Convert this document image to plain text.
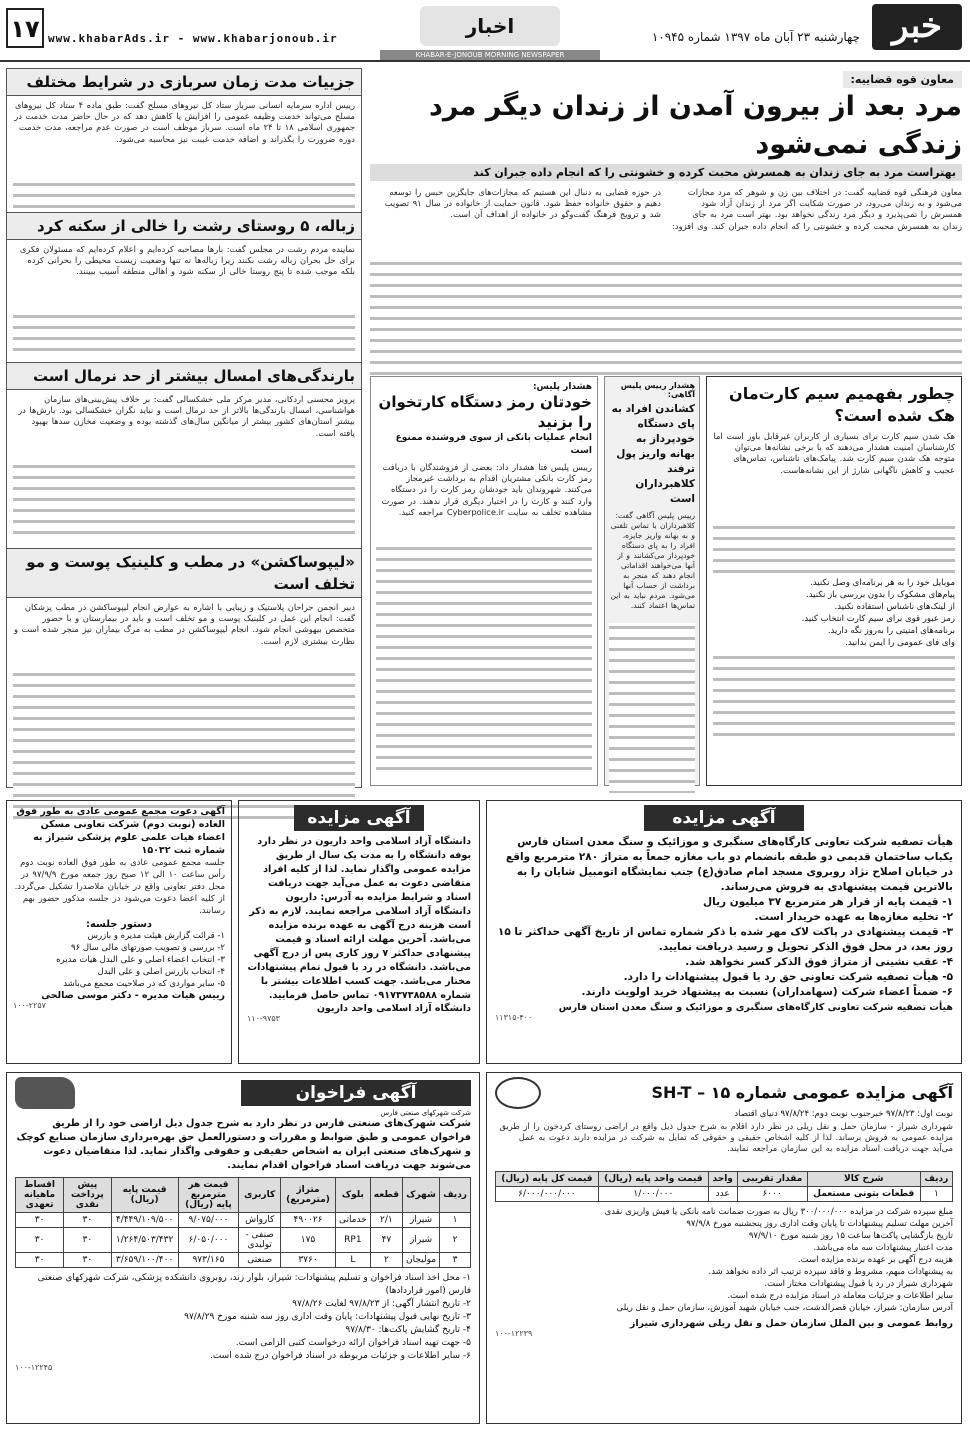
خبر
۱۷ www.khabarAds.ir - www.khabarjonoub.ir
اخبار	چهارشنبه ۲۳ آبان ماه ۱۳۹۷ شماره ۱۰۹۴۵
KHABAR-E-JONOUB MORNING NEWSPAPER
معاون قوه قضاییه:
مرد بعد از بیرون آمدن از زندان دیگر مرد زندگی نمی‌شود
بهتراست مرد به جای زندان به همسرش محبت کرده و خشونتی را که انجام داده جبران کند
معاون فرهنگی قوه قضاییه گفت: در اختلاف بین زن و شوهر که مرد مجازات می‌شود و به زندان می‌رود، در صورت شکایت اگر مرد از زندان آزاد شود همسرش را نمی‌پذیرد و دیگر مرد زندگی نخواهد بود. بهتر است مرد به جای زندان به همسرش محبت کرده و خشونتی را که انجام داده جبران کند. وی افزود: در حوزه قضایی به دنبال این هستیم که مجازات‌های جایگزین حبس را توسعه دهیم و حقوق خانواده حفظ شود. قانون حمایت از خانواده در سال ۹۱ تصویب شد و ترویج فرهنگ گفت‌وگو در خانواده از اهداف آن است.
جزییات مدت زمان سربازی در شرایط مختلف
رییس اداره سرمایه انسانی سرباز ستاد کل نیروهای مسلح گفت: طبق ماده ۴ ستاد کل نیروهای مسلح می‌تواند خدمت وظیفه عمومی را افزایش یا کاهش دهد که در حال حاضر مدت خدمت در جمهوری اسلامی ۱۸ تا ۲۴ ماه است. سرباز موظف است در صورت عدم مراجعه، مدت خدمت دوره ضرورت را بگذراند و اضافه خدمت غیبت نیز محاسبه می‌شود.
زباله، ۵ روستای رشت را خالی از سکنه کرد
نماینده مردم رشت در مجلس گفت: بارها مصاحبه کرده‌ایم و اعلام کرده‌ایم که مسئولان فکری برای حل بحران زباله رشت بکنند زیرا زباله‌ها نه تنها وضعیت زیست محیطی را بحرانی کرده بلکه موجب شده تا پنج روستا خالی از سکنه شود و اهالی منطقه آسیب ببینند.
بارندگی‌های امسال بیشتر از حد نرمال است
پرویز محسنی اردکانی، مدیر مرکز ملی خشکسالی گفت: بر خلاف پیش‌بینی‌های سازمان هواشناسی، امسال بارندگی‌ها بالاتر از حد نرمال است و نباید نگران خشکسالی بود. بارش‌ها در بیشتر استان‌های کشور بیشتر از میانگین سال‌های گذشته بوده و وضعیت مخازن سدها بهبود یافته است.
«لیپوساکشن» در مطب و کلینیک پوست و مو تخلف است
دبیر انجمن جراحان پلاستیک و زیبایی با اشاره به عوارض انجام لیپوساکشن در مطب پزشکان گفت: انجام این عمل در کلینیک پوست و مو تخلف است و باید در بیمارستان و با حضور متخصص بیهوشی انجام شود. انجام لیپوساکشن در مطب به مرگ بیماران نیز منجر شده است و نظارت بیشتری لازم است.
چطور بفهمیم سیم کارت‌مان هک شده است؟
هک شدن سیم کارت برای بسیاری از کاربران غیرقابل باور است اما کارشناسان امنیت هشدار می‌دهند که با برخی نشانه‌ها می‌توان متوجه هک شدن سیم کارت شد. پیامک‌های ناشناس، تماس‌های عجیب و کاهش ناگهانی شارژ از این نشانه‌هاست.
موبایل خود را به هر برنامه‌ای وصل نکنید.
پیام‌های مشکوک را بدون بررسی باز نکنید.
از لینک‌های ناشناس استفاده نکنید.
رمز عبور قوی برای سیم کارت انتخاب کنید.
برنامه‌های امنیتی را به‌روز نگه دارید.
وای فای عمومی را ایمن بدانید.
هشدار رییس پلیس آگاهی:
کشاندن افراد به پای دستگاه خودپرداز به بهانه واریز پول ترفند کلاهبرداران است
رییس پلیس آگاهی گفت: کلاهبرداران با تماس تلفنی و به بهانه واریز جایزه، افراد را به پای دستگاه خودپرداز می‌کشانند و از آنها می‌خواهند اقداماتی انجام دهند که منجر به برداشت از حساب آنها می‌شود. مردم نباید به این تماس‌ها اعتماد کنند.
هشدار پلیس:
خودتان رمز دستگاه کارتخوان را بزنید
انجام عملیات بانکی از سوی فروشنده ممنوع است
رییس پلیس فتا هشدار داد: بعضی از فروشندگان با دریافت رمز کارت بانکی مشتریان اقدام به برداشت غیرمجاز می‌کنند. شهروندان باید خودشان رمز کارت را در دستگاه وارد کنند و کارت را در اختیار دیگری قرار ندهند. در صورت مشاهده تخلف به سایت Cyberpolice.ir مراجعه کنید.
آگهی مزایده
هیأت تصفیه شرکت تعاونی کارگاه‌های سنگبری و موزائیک و سنگ معدن استان فارس یکباب ساختمان قدیمی دو طبقه بانضمام دو باب مغازه جمعاً به متراژ ۲۸۰ مترمربع واقع در خیابان اصلاح نژاد روبروی مسجد امام صادق(ع) جنب نمایشگاه اتومبیل شایان را به بالاترین قیمت پیشنهادی به فروش می‌رساند.
۱- قیمت پایه از قرار هر مترمربع ۳۷ میلیون ریال
۲- تخلیه مغازه‌ها به عهده خریدار است.
۳- قیمت پیشنهادی در پاکت لاک مهر شده با ذکر شماره تماس از تاریخ آگهی حداکثر تا ۱۵ روز بعد، در محل فوق الذکر تحویل و رسید دریافت نمایید.
۴- عقب نشینی از متراژ فوق الذکر کسر نخواهد شد.
۵- هیأت تصفیه شرکت تعاونی حق رد یا قبول پیشنهادات را دارد.
۶- ضمناً اعضاء شرکت (سهامداران) نسبت به پیشنهاد خرید اولویت دارند.
هیأت تصفیه شرکت تعاونی کارگاه‌های سنگبری و موزائیک و سنگ معدن استان فارس
۱۱۳۱۵-۴۰۰
آگهی مزایده
دانشگاه آزاد اسلامی واحد داریون در نظر دارد بوفه دانشگاه را به مدت یک سال از طریق مزایده عمومی واگذار نماید. لذا از کلیه افراد متقاضی دعوت به عمل می‌آید جهت دریافت اسناد و شرایط مزایده به آدرس: داریون دانشگاه آزاد اسلامی مراجعه نمایند. لازم به ذکر است هزینه درج آگهی به عهده برنده مزایده می‌باشد. آخرین مهلت ارائه اسناد و قیمت پیشنهادی حداکثر ۷ روز کاری پس از درج آگهی می‌باشد. دانشگاه در رد یا قبول تمام پیشنهادات مختار می‌باشد. جهت کسب اطلاعات بیشتر با شماره ۰۹۱۷۳۷۳۸۵۸۸ تماس حاصل فرمایید.
دانشگاه آزاد اسلامی واحد داریون
۱۱۰-۹۷۵۳
آگهی دعوت مجمع عمومی عادی به طور فوق العاده (نوبت دوم) شرکت تعاونی مسکن اعضاء هیات علمی علوم پزشکی شیراز به شماره ثبت ۱۵۰۳۲
جلسه مجمع عمومی عادی به طور فوق العاده نوبت دوم رأس ساعت ۱۰ الی ۱۲ صبح روز جمعه مورخ ۹۷/۹/۹ در محل دفتر تعاونی واقع در خیابان ملاصدرا تشکیل می‌گردد. از کلیه اعضا دعوت می‌شود در جلسه مذکور حضور بهم رسانند.
دستور جلسه:
۱- قرائت گزارش هیئت مدیره و بازرس
۲- بررسی و تصویب صورتهای مالی سال ۹۶
۳- انتخاب اعضاء اصلی و علی البدل هیات مدیره
۴- انتخاب بازرس اصلی و علی البدل
۵- سایر مواردی که در صلاحیت مجمع می‌باشد
رییس هیات مدیره - دکتر موسی صالحی
۱۰۰-۲۲۵۷
آگهی مزایده عمومی شماره ۱۵ – SH-T
نوبت اول: ۹۷/۸/۲۳ خبرجنوب نوبت دوم: ۹۷/۸/۲۴ دنیای اقتصاد
شهرداری شیراز - سازمان حمل و نقل ریلی در نظر دارد اقلام به شرح جدول ذیل واقع در اراضی روستای کردخون را از طریق مزایده عمومی به فروش برساند. لذا از کلیه اشخاص حقیقی و حقوقی که تمایل به شرکت در مزایده دارند دعوت به عمل می‌آید جهت دریافت اسناد مزایده به این سازمان مراجعه نمایند.
ردیف	شرح کالا	مقدار تقریبی	واحد	قیمت واحد پایه (ریال)	قیمت کل پایه (ریال)
۱	قطعات بتونی مستعمل	۶۰۰۰	عدد	۱/۰۰۰/۰۰۰	۶/۰۰۰/۰۰۰/۰۰۰
مبلغ سپرده شرکت در مزایده ۳۰۰/۰۰۰/۰۰۰ ریال به صورت ضمانت نامه بانکی یا فیش واریزی نقدی
آخرین مهلت تسلیم پیشنهادات تا پایان وقت اداری روز پنجشنبه مورخ ۹۷/۹/۸
تاریخ بازگشایی پاکت‌ها ساعت ۱۵ روز شنبه مورخ ۹۷/۹/۱۰
مدت اعتبار پیشنهادات سه ماه می‌باشد.
هزینه درج آگهی بر عهده برنده مزایده است.
به پیشنهادات مبهم، مشروط و فاقد سپرده ترتیب اثر داده نخواهد شد.
شهرداری شیراز در رد یا قبول پیشنهادات مختار است.
سایر اطلاعات و جزئیات معامله در اسناد مزایده درج شده است.
آدرس سازمان: شیراز، خیابان قصرالدشت، جنب خیابان شهید آموزش، سازمان حمل و نقل ریلی
روابط عمومی و بین الملل سازمان حمل و نقل ریلی شهرداری شیراز
۱۰۰-۱۲۲۳۹
آگهی فراخوان
شرکت شهرکهای صنعتی فارس
شرکت شهرک‌های صنعتی فارس در نظر دارد به شرح جدول ذیل اراضی خود را از طریق فراخوان عمومی و طبق ضوابط و مقررات و دستورالعمل حق بهره‌برداری سازمان صنایع کوچک و شهرک‌های صنعتی ایران به اشخاص حقیقی و حقوقی واگذار نماید. لذا متقاضیان دعوت می‌شوند جهت دریافت اسناد فراخوان اقدام نمایند.
ردیف	شهرک	قطعه	بلوک	متراژ (مترمربع)	کاربری	قیمت هر مترمربع پایه (ریال)	قیمت پایه (ریال)	پیش پرداخت نقدی	اقساط ماهیانه تعهدی
۱	شیراز	۲/۱	خدماتی	۴۹۰۰۲۶	کارواش	۹/۰۷۵/۰۰۰	۴/۴۴۹/۱۰۹/۵۰۰	۳۰	۳۰
۲	شیراز	۴۷	RP1	۱۷۵	صنفی - تولیدی	۶/۰۵۰/۰۰۰	۱/۲۶۴/۵۰۳/۴۳۲	۳۰	۳۰
۳	مولیجان	۲	L	۳۷۶۰	صنعتی	۹۷۳/۱۶۵	۳/۶۵۹/۱۰۰/۴۰۰	۳۰	۳۰
۱- محل اخذ اسناد فراخوان و تسلیم پیشنهادات: شیراز، بلوار زند، روبروی دانشکده پزشکی، شرکت شهرکهای صنعتی فارس (امور قراردادها)
۲- تاریخ انتشار آگهی: از ۹۷/۸/۲۳ لغایت ۹۷/۸/۲۶
۳- تاریخ نهایی قبول پیشنهادات: پایان وقت اداری روز سه شنبه مورخ ۹۷/۸/۲۹
۴- تاریخ گشایش پاکت‌ها: ۹۷/۸/۳۰
۵- جهت تهیه اسناد فراخوان ارائه درخواست کتبی الزامی است.
۶- سایر اطلاعات و جزئیات مربوطه در اسناد فراخوان درج شده است.
۱۰۰-۱۲۲۴۵
